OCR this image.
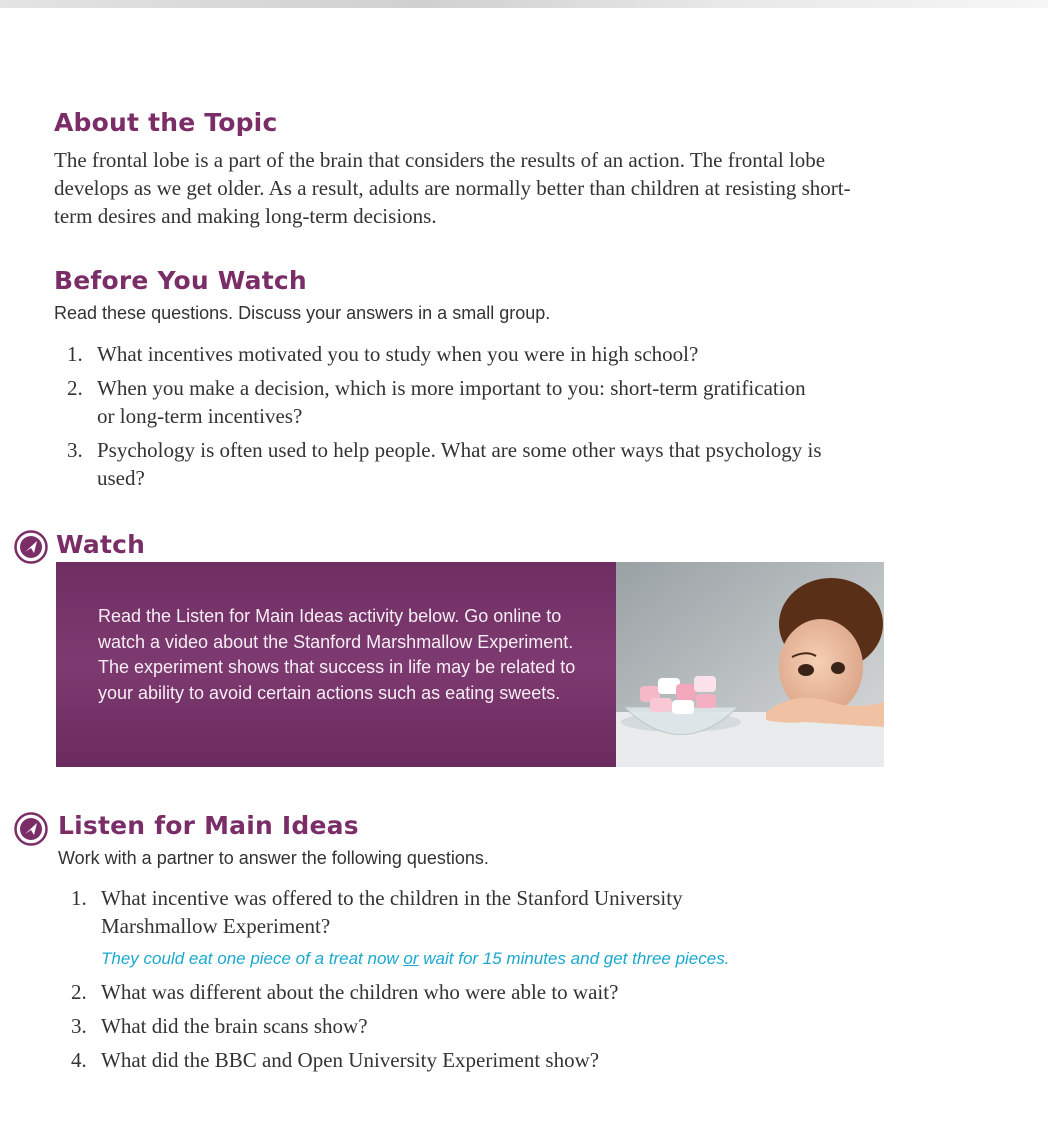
About the Topic

The frontal lobe is a part of the brain that considers the results of an action. The frontal lobe develops as we get older. As a result, adults are normally better than children at resisting short-term desires and making long-term decisions.

Before You Watch

Read these questions. Discuss your answers in a small group.

1. What incentives motivated you to study when you were in high school?
2. When you make a decision, which is more important to you: short-term gratification or long-term incentives?
3. Psychology is often used to help people. What are some other ways that psychology is used?
Watch

Read the Listen for Main Ideas activity below. Go online to watch a video about the Stanford Marshmallow Experiment. The experiment shows that success in life may be related to your ability to avoid certain actions such as eating sweets.

Listen for Main Ideas

Work with a partner to answer the following questions.

1. What incentive was offered to the children in the Stanford University Marshmallow Experiment?
They could eat one piece of a treat now or wait for 15 minutes and get three pieces.
2. What was different about the children who were able to wait?
3. What did the brain scans show?
4. What did the BBC and Open University Experiment show?
